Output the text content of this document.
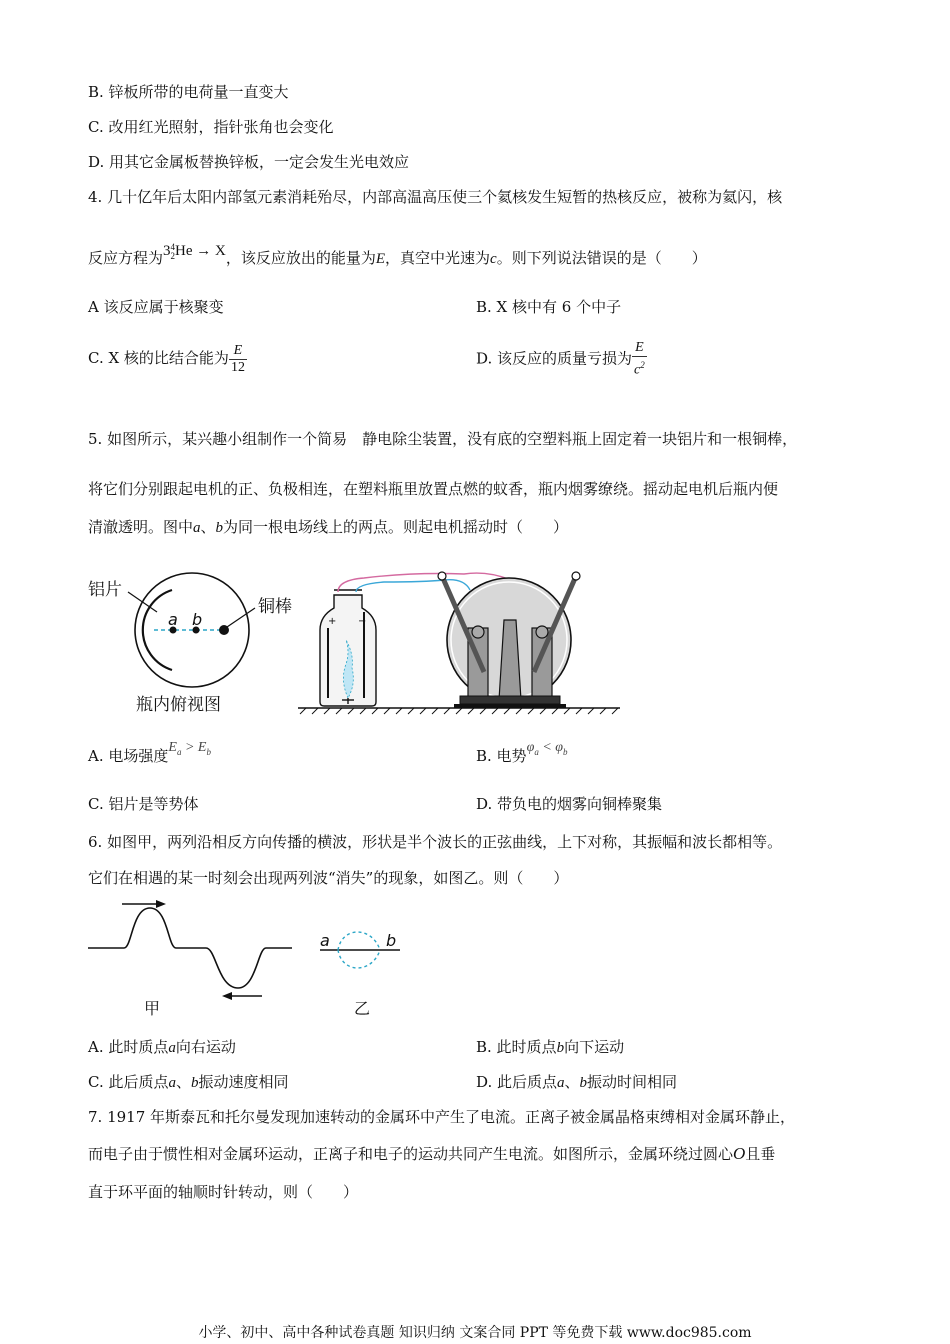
B. 锌板所带的电荷量一直变大
C. 改用红光照射，指针张角也会变化
D. 用其它金属板替换锌板，一定会发生光电效应
4. 几十亿年后太阳内部氢元素消耗殆尽，内部高温高压使三个氦核发生短暂的热核反应，被称为氦闪，核
反应方程为3 4
2 He → X，该反应放出的能量为E，真空中光速为c。则下列说法错误的是（　　）
A 该反应属于核聚变	B. X 核中有 6 个中子
C. X 核的比结合能为 $\frac{E}{12}$	D. 该反应的质量亏损为 $\frac{E}{c^2}$
5. 如图所示，某兴趣小组制作一个简易　静电除尘装置，没有底的空塑料瓶上固定着一块铝片和一根铜棒，
将它们分别跟起电机的正、负极相连，在塑料瓶里放置点燃的蚊香，瓶内烟雾缭绕。摇动起电机后瓶内便
清澈透明。图中a、b为同一根电场线上的两点。则起电机摇动时（　　）
铝片
铜棒
a b
瓶内俯视图
+ −
A. 电场强度$E_a > E_b$	B. 电势$\varphi_a < \varphi_b$
C. 铝片是等势体	D. 带负电的烟雾向铜棒聚集
6. 如图甲，两列沿相反方向传播的横波，形状是半个波长的正弦曲线，上下对称，其振幅和波长都相等。
它们在相遇的某一时刻会出现两列波“消失”的现象，如图乙。则（　　）
甲
a	b
乙
A. 此时质点a向右运动	B. 此时质点b向下运动
C. 此后质点a、b振动速度相同	D. 此后质点a、b振动时间相同
7. 1917 年斯泰瓦和托尔曼发现加速转动的金属环中产生了电流。正离子被金属晶格束缚相对金属环静止，
而电子由于惯性相对金属环运动，正离子和电子的运动共同产生电流。如图所示，金属环绕过圆心O且垂
直于环平面的轴顺时针转动，则（　　）
小学、初中、高中各种试卷真题 知识归纳 文案合同 PPT 等免费下载 www.doc985.com
